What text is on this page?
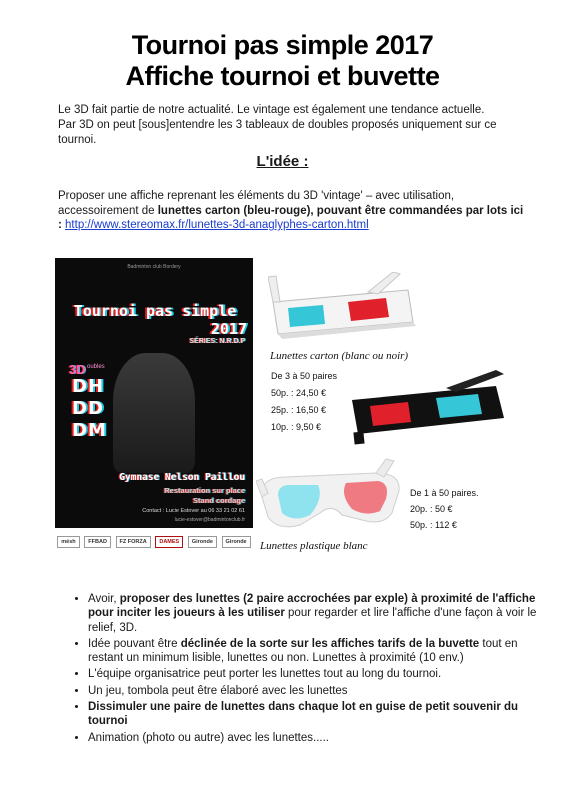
Tournoi pas simple 2017
Affiche tournoi et buvette
Le 3D fait partie de notre actualité. Le vintage est également une tendance actuelle.
Par 3D on peut [sous]entendre les 3 tableaux de doubles proposés uniquement sur ce tournoi.
L'idée :
Proposer une affiche reprenant les éléments du 3D 'vintage' – avec utilisation, accessoirement de lunettes carton (bleu-rouge), pouvant être commandées par lots ici : http://www.stereomax.fr/lunettes-3d-anaglyphes-carton.html
Badminton club Bordery
Tournoi pas simple
2017
SÉRIES: N.R.D.P
3D oubles
DH
DD
DM
Gymnase Nelson Paillou
Restauration sur place
Stand cordage
Contact : Lucie Estover au 06 33 21 02 61
lucie-estover@badmintonclub.fr
mésh	FFBAD	FZ FORZA	DAMES	Gironde	Gironde
Lunettes carton (blanc ou noir)
De 3 à 50 paires
50p. : 24,50 €
25p. : 16,50 €
10p. : 9,50 €
Lunettes plastique blanc
De 1 à 50 paires.
20p. : 50 €
50p. : 112 €
• Avoir, proposer des lunettes (2 paire accrochées par exple) à proximité de l'affiche pour inciter les joueurs à les utiliser pour regarder et lire l'affiche d'une façon à voir le relief, 3D.
• Idée pouvant être déclinée de la sorte sur les affiches tarifs de la buvette tout en restant un minimum lisible, lunettes ou non. Lunettes à proximité (10 env.)
• L'équipe organisatrice peut porter les lunettes tout au long du tournoi.
• Un jeu, tombola peut être élaboré avec les lunettes
• Dissimuler une paire de lunettes dans chaque lot en guise de petit souvenir du tournoi
• Animation (photo ou autre) avec les lunettes.....
